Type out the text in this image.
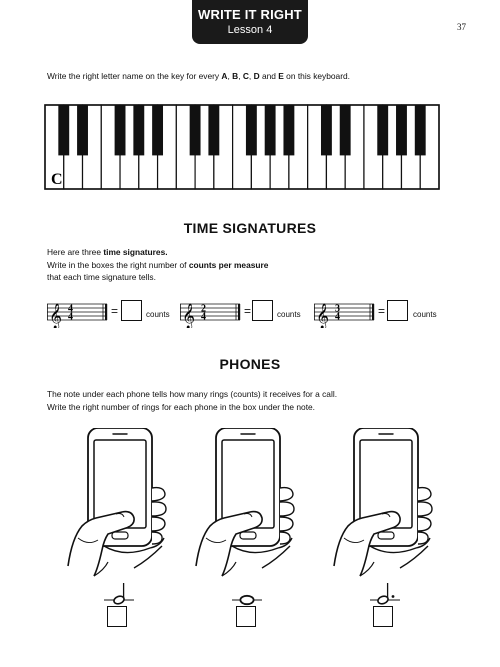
WRITE IT RIGHT
Lesson 4	37
Write the right letter name on the key for every A, B, C, D and E on this keyboard.
C
TIME SIGNATURES
Here are three time signatures.
Write in the boxes the right number of counts per measure
that each time signature tells.
𝄞 4
4	=	counts 𝄞 2
4	=	counts 𝄞 3
4	=	counts
PHONES
The note under each phone tells how many rings (counts) it receives for a call.
Write the right number of rings for each phone in the box under the note.
